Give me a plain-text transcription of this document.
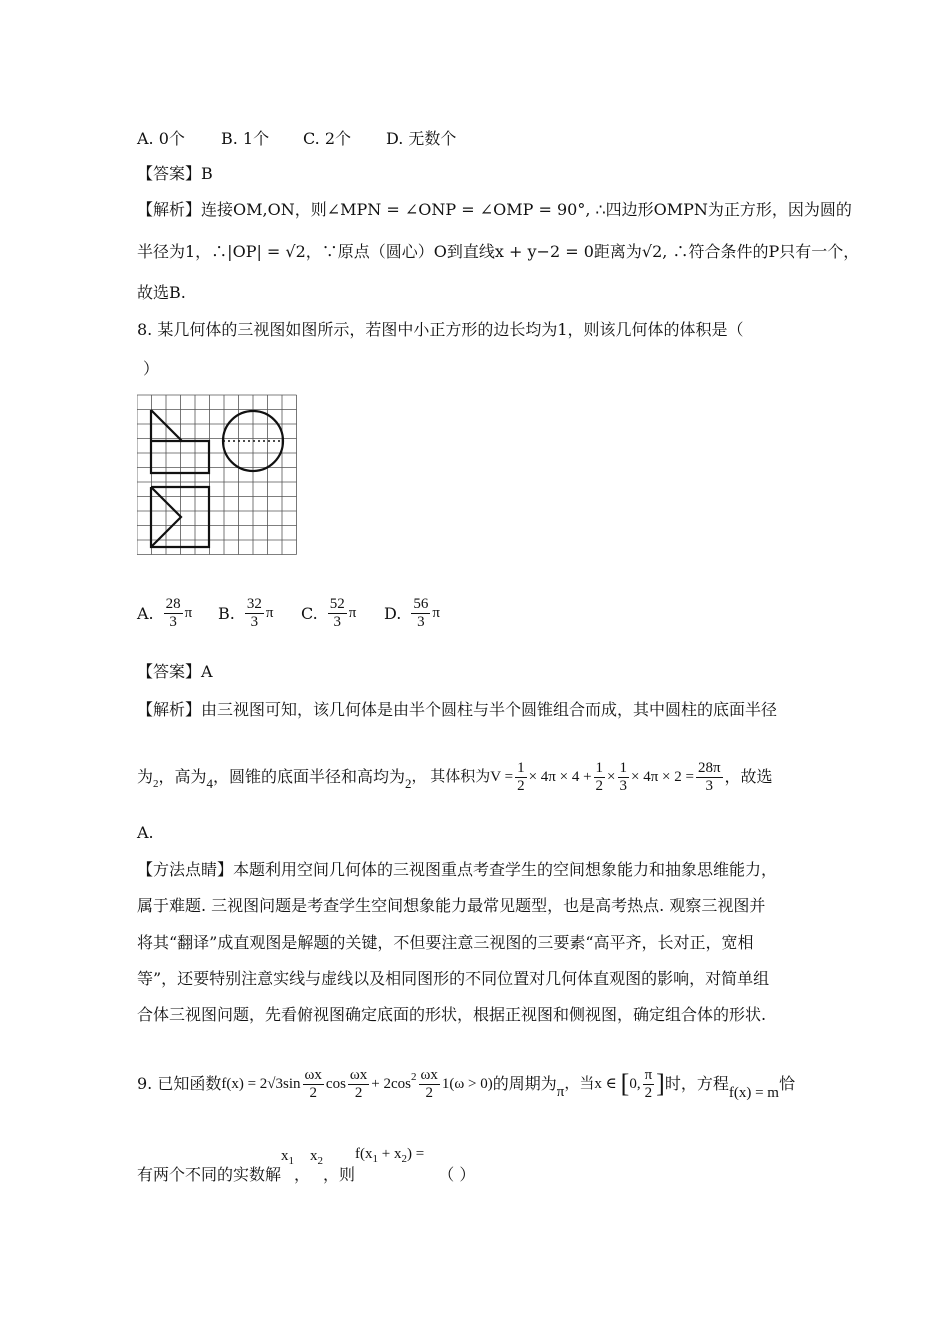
A. 0个 B. 1个 C. 2个 D. 无数个
【答案】B
【解析】连接OM,ON，则∠MPN = ∠ONP = ∠OMP = 90°, ∴四边形OMPN为正方形，因为圆的
半径为1，∴|OP| = √2，∵原点（圆心）O到直线x + y−2 = 0距离为√2, ∴符合条件的P只有一个，
故选B.
8. 某几何体的三视图如图所示，若图中小正方形的边长均为1，则该几何体的体积是（
）
A. $\frac{28}{3}$ π B. $\frac{32}{3}$ π C. $\frac{52}{3}$ π D. $\frac{56}{3}$ π
【答案】A
【解析】由三视图可知，该几何体是由半个圆柱与半个圆锥组合而成，其中圆柱的底面半径
为 2 ，高为 4 ，圆锥的底面半径和高均为 2 ， 其体积为$V = \frac{1}{2} \times 4\pi \times 4 + \frac{1}{2} \times \frac{1}{3} \times 4\pi \times 2 = \frac{28\pi}{3}$ ，故选
A.
【方法点睛】本题利用空间几何体的三视图重点考查学生的空间想象能力和抽象思维能力，
属于难题. 三视图问题是考查学生空间想象能力最常见题型，也是高考热点. 观察三视图并
将其“翻译”成直观图是解题的关键，不但要注意三视图的三要素“高平齐，长对正，宽相
等”，还要特别注意实线与虚线以及相同图形的不同位置对几何体直观图的影响，对简单组
合体三视图问题，先看俯视图确定底面的形状，根据正视图和侧视图，确定组合体的形状.
9. 已知函数 $f(x) = 2√3\sin \frac{\omega x}{2}$ $\cos \frac{\omega x}{2} + 2\cos$ $2 \frac{\omega x}{2} 1(\omega > 0)$ 的周期为 π ，当x ∈ [ 0, $\frac{\pi}{2}$ ] 时，方程 f(x) = m 恰
有两个不同的实数解
$x_1$
，
$x_2$
，则
$f(x_1 + x_2)$ =
（ ）
